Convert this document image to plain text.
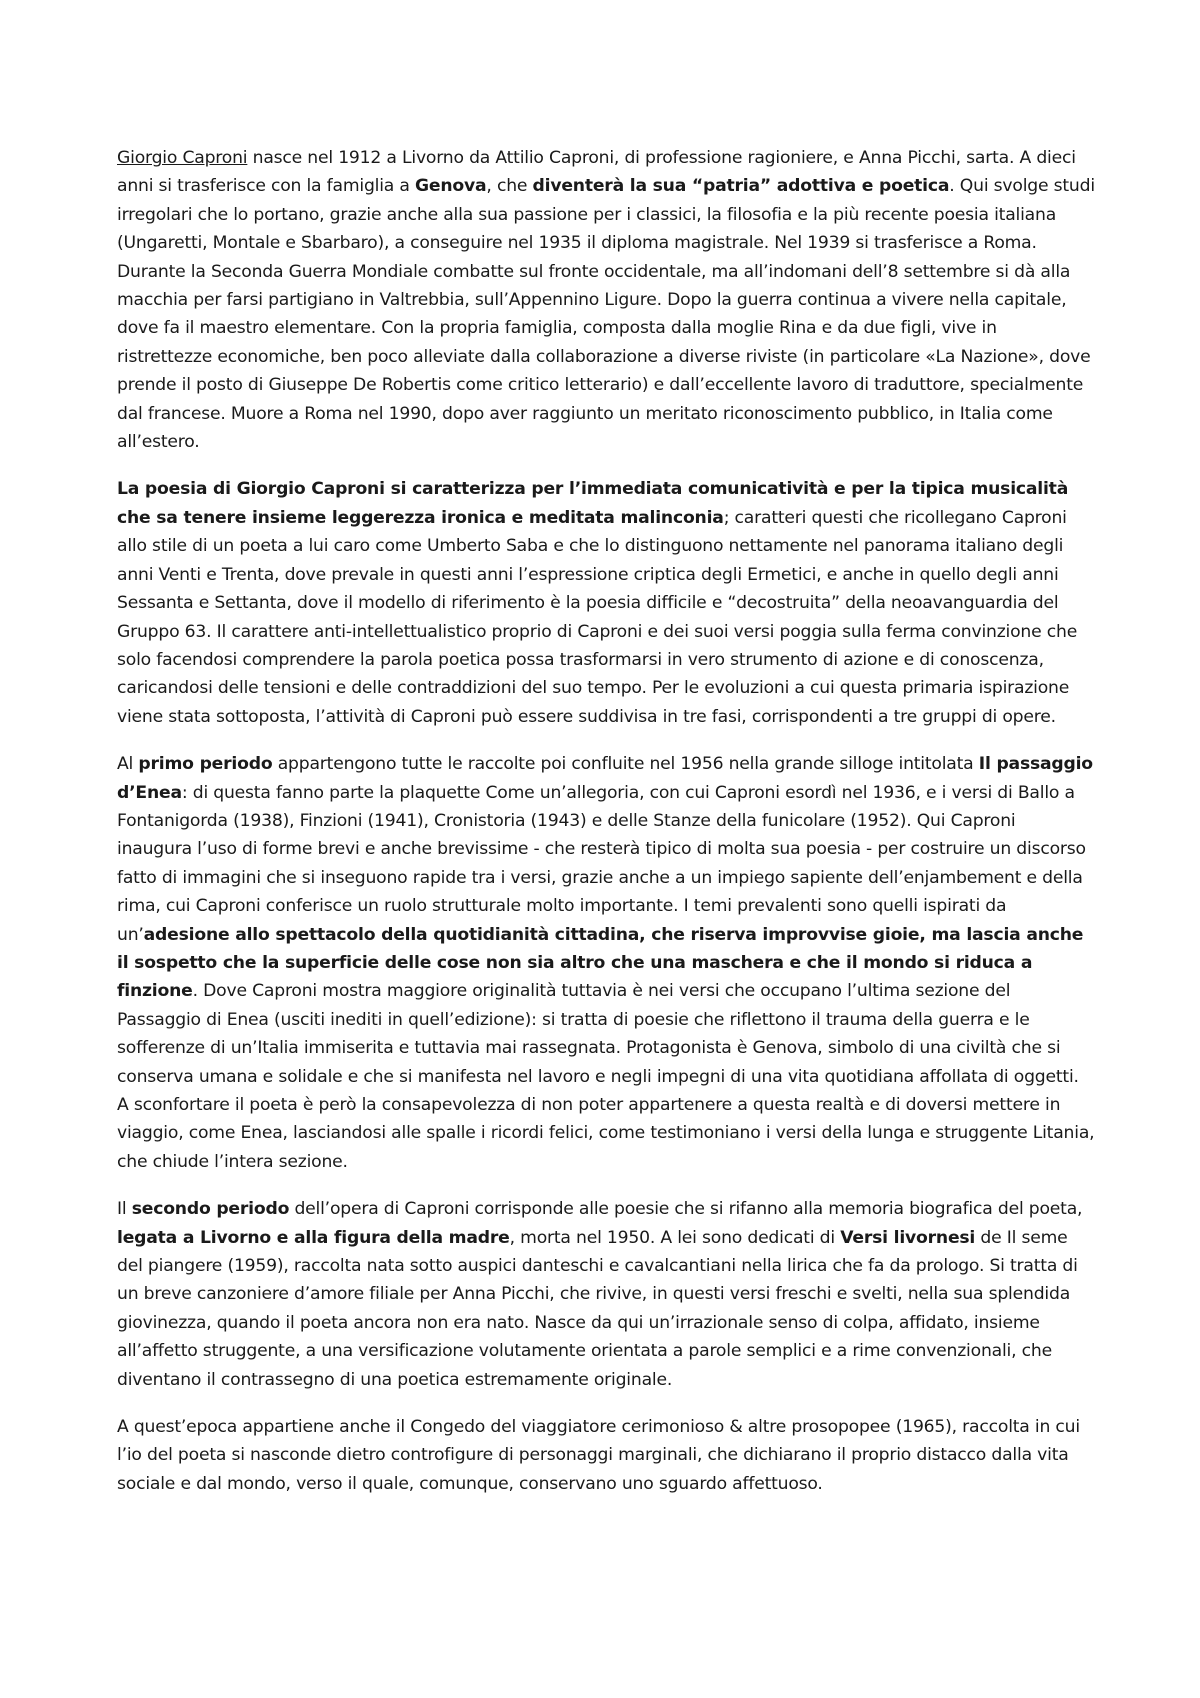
Giorgio Caproni nasce nel 1912 a Livorno da Attilio Caproni, di professione ragioniere, e Anna Picchi, sarta. A dieci anni si trasferisce con la famiglia a Genova, che diventerà la sua “patria” adottiva e poetica. Qui svolge studi irregolari che lo portano, grazie anche alla sua passione per i classici, la filosofia e la più recente poesia italiana (Ungaretti, Montale e Sbarbaro), a conseguire nel 1935 il diploma magistrale. Nel 1939 si trasferisce a Roma. Durante la Seconda Guerra Mondiale combatte sul fronte occidentale, ma all’indomani dell’8 settembre si dà alla macchia per farsi partigiano in Valtrebbia, sull’Appennino Ligure. Dopo la guerra continua a vivere nella capitale, dove fa il maestro elementare. Con la propria famiglia, composta dalla moglie Rina e da due figli, vive in ristrettezze economiche, ben poco alleviate dalla collaborazione a diverse riviste (in particolare «La Nazione», dove prende il posto di Giuseppe De Robertis come critico letterario) e dall’eccellente lavoro di traduttore, specialmente dal francese. Muore a Roma nel 1990, dopo aver raggiunto un meritato riconoscimento pubblico, in Italia come all’estero.

La poesia di Giorgio Caproni si caratterizza per l’immediata comunicatività e per la tipica musicalità che sa tenere insieme leggerezza ironica e meditata malinconia; caratteri questi che ricollegano Caproni allo stile di un poeta a lui caro come Umberto Saba e che lo distinguono nettamente nel panorama italiano degli anni Venti e Trenta, dove prevale in questi anni l’espressione criptica degli Ermetici, e anche in quello degli anni Sessanta e Settanta, dove il modello di riferimento è la poesia difficile e “decostruita” della neoavanguardia del Gruppo 63. Il carattere anti-intellettualistico proprio di Caproni e dei suoi versi poggia sulla ferma convinzione che solo facendosi comprendere la parola poetica possa trasformarsi in vero strumento di azione e di conoscenza, caricandosi delle tensioni e delle contraddizioni del suo tempo. Per le evoluzioni a cui questa primaria ispirazione viene stata sottoposta, l’attività di Caproni può essere suddivisa in tre fasi, corrispondenti a tre gruppi di opere.

Al primo periodo appartengono tutte le raccolte poi confluite nel 1956 nella grande silloge intitolata Il passaggio d’Enea: di questa fanno parte la plaquette Come un’allegoria, con cui Caproni esordì nel 1936, e i versi di Ballo a Fontanigorda (1938), Finzioni (1941), Cronistoria (1943) e delle Stanze della funicolare (1952). Qui Caproni inaugura l’uso di forme brevi e anche brevissime - che resterà tipico di molta sua poesia - per costruire un discorso fatto di immagini che si inseguono rapide tra i versi, grazie anche a un impiego sapiente dell’enjambement e della rima, cui Caproni conferisce un ruolo strutturale molto importante. I temi prevalenti sono quelli ispirati da un’adesione allo spettacolo della quotidianità cittadina, che riserva improvvise gioie, ma lascia anche il sospetto che la superficie delle cose non sia altro che una maschera e che il mondo si riduca a finzione. Dove Caproni mostra maggiore originalità tuttavia è nei versi che occupano l’ultima sezione del Passaggio di Enea (usciti inediti in quell’edizione): si tratta di poesie che riflettono il trauma della guerra e le sofferenze di un’Italia immiserita e tuttavia mai rassegnata. Protagonista è Genova, simbolo di una civiltà che si conserva umana e solidale e che si manifesta nel lavoro e negli impegni di una vita quotidiana affollata di oggetti. A sconfortare il poeta è però la consapevolezza di non poter appartenere a questa realtà e di doversi mettere in viaggio, come Enea, lasciandosi alle spalle i ricordi felici, come testimoniano i versi della lunga e struggente Litania, che chiude l’intera sezione.

Il secondo periodo dell’opera di Caproni corrisponde alle poesie che si rifanno alla memoria biografica del poeta, legata a Livorno e alla figura della madre, morta nel 1950. A lei sono dedicati di Versi livornesi de Il seme del piangere (1959), raccolta nata sotto auspici danteschi e cavalcantiani nella lirica che fa da prologo. Si tratta di un breve canzoniere d’amore filiale per Anna Picchi, che rivive, in questi versi freschi e svelti, nella sua splendida giovinezza, quando il poeta ancora non era nato. Nasce da qui un’irrazionale senso di colpa, affidato, insieme all’affetto struggente, a una versificazione volutamente orientata a parole semplici e a rime convenzionali, che diventano il contrassegno di una poetica estremamente originale.

A quest’epoca appartiene anche il Congedo del viaggiatore cerimonioso & altre prosopopee (1965), raccolta in cui l’io del poeta si nasconde dietro controfigure di personaggi marginali, che dichiarano il proprio distacco dalla vita sociale e dal mondo, verso il quale, comunque, conservano uno sguardo affettuoso.
